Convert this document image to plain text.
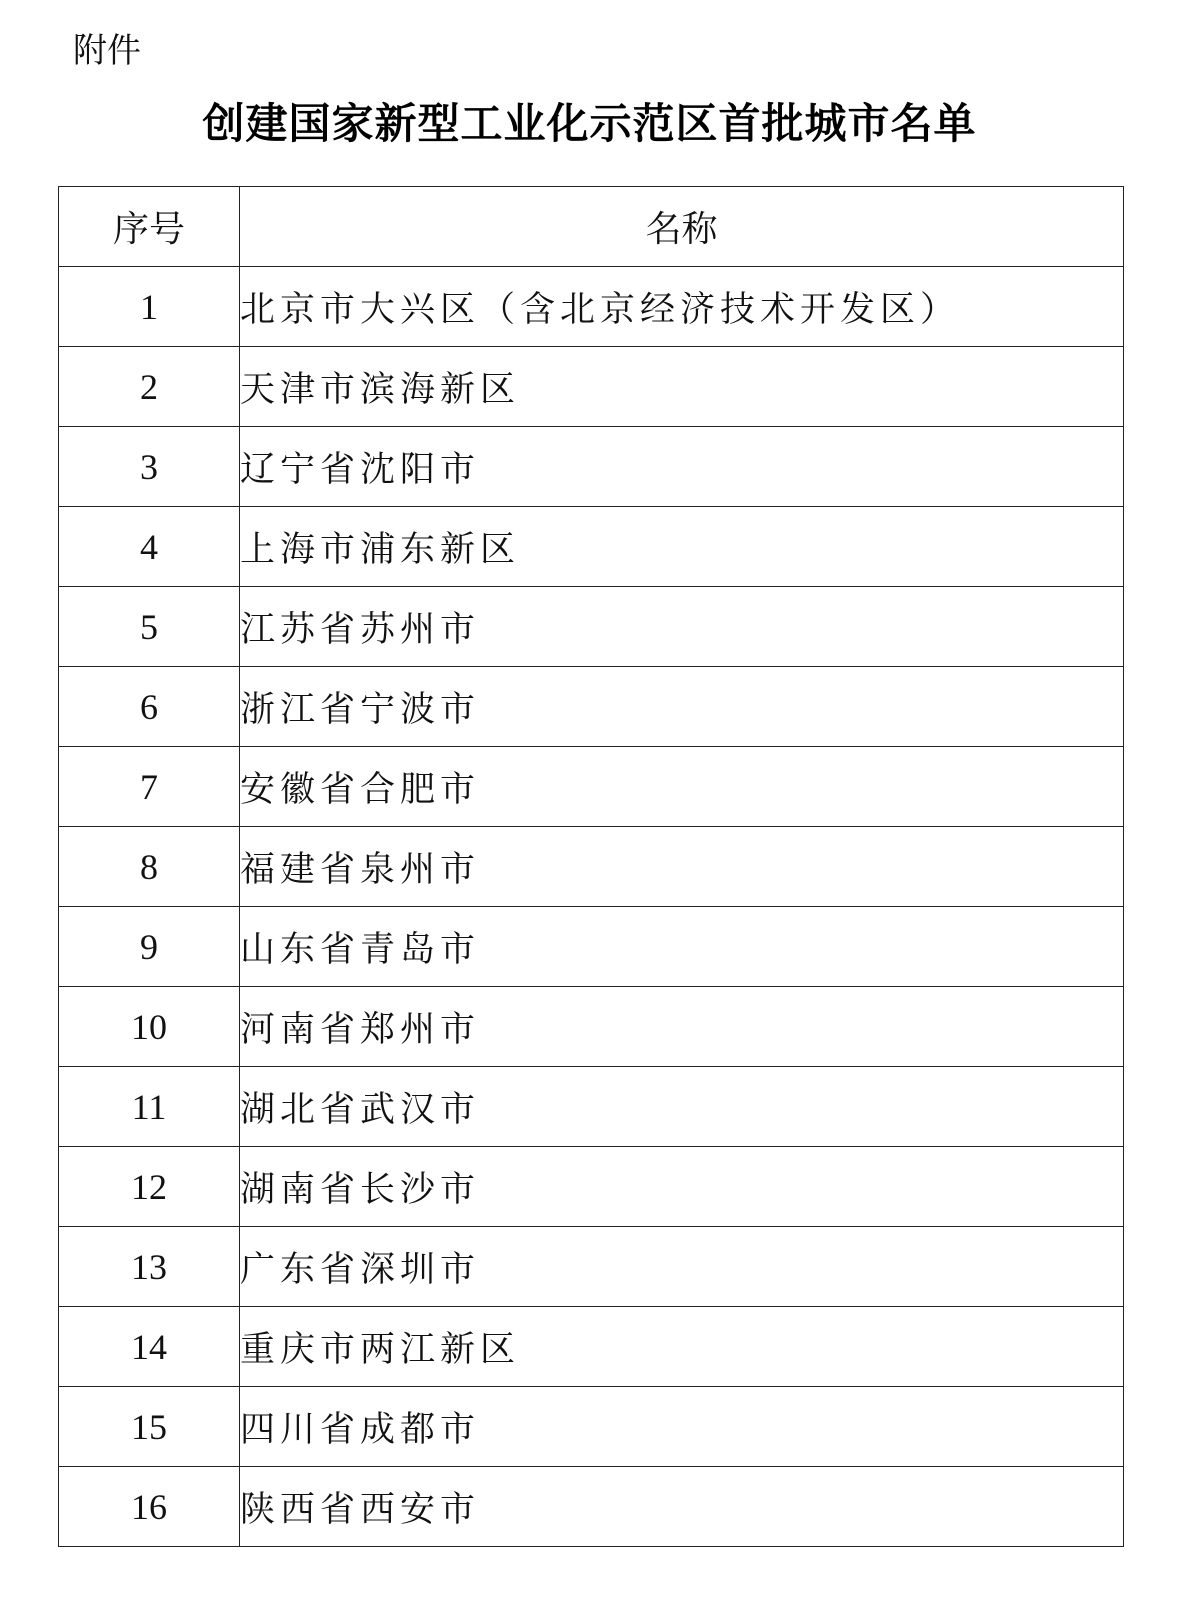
附件
创建国家新型工业化示范区首批城市名单
序号	名称
1	北京市大兴区（含北京经济技术开发区）
2	天津市滨海新区
3	辽宁省沈阳市
4	上海市浦东新区
5	江苏省苏州市
6	浙江省宁波市
7	安徽省合肥市
8	福建省泉州市
9	山东省青岛市
10	河南省郑州市
11	湖北省武汉市
12	湖南省长沙市
13	广东省深圳市
14	重庆市两江新区
15	四川省成都市
16	陕西省西安市
